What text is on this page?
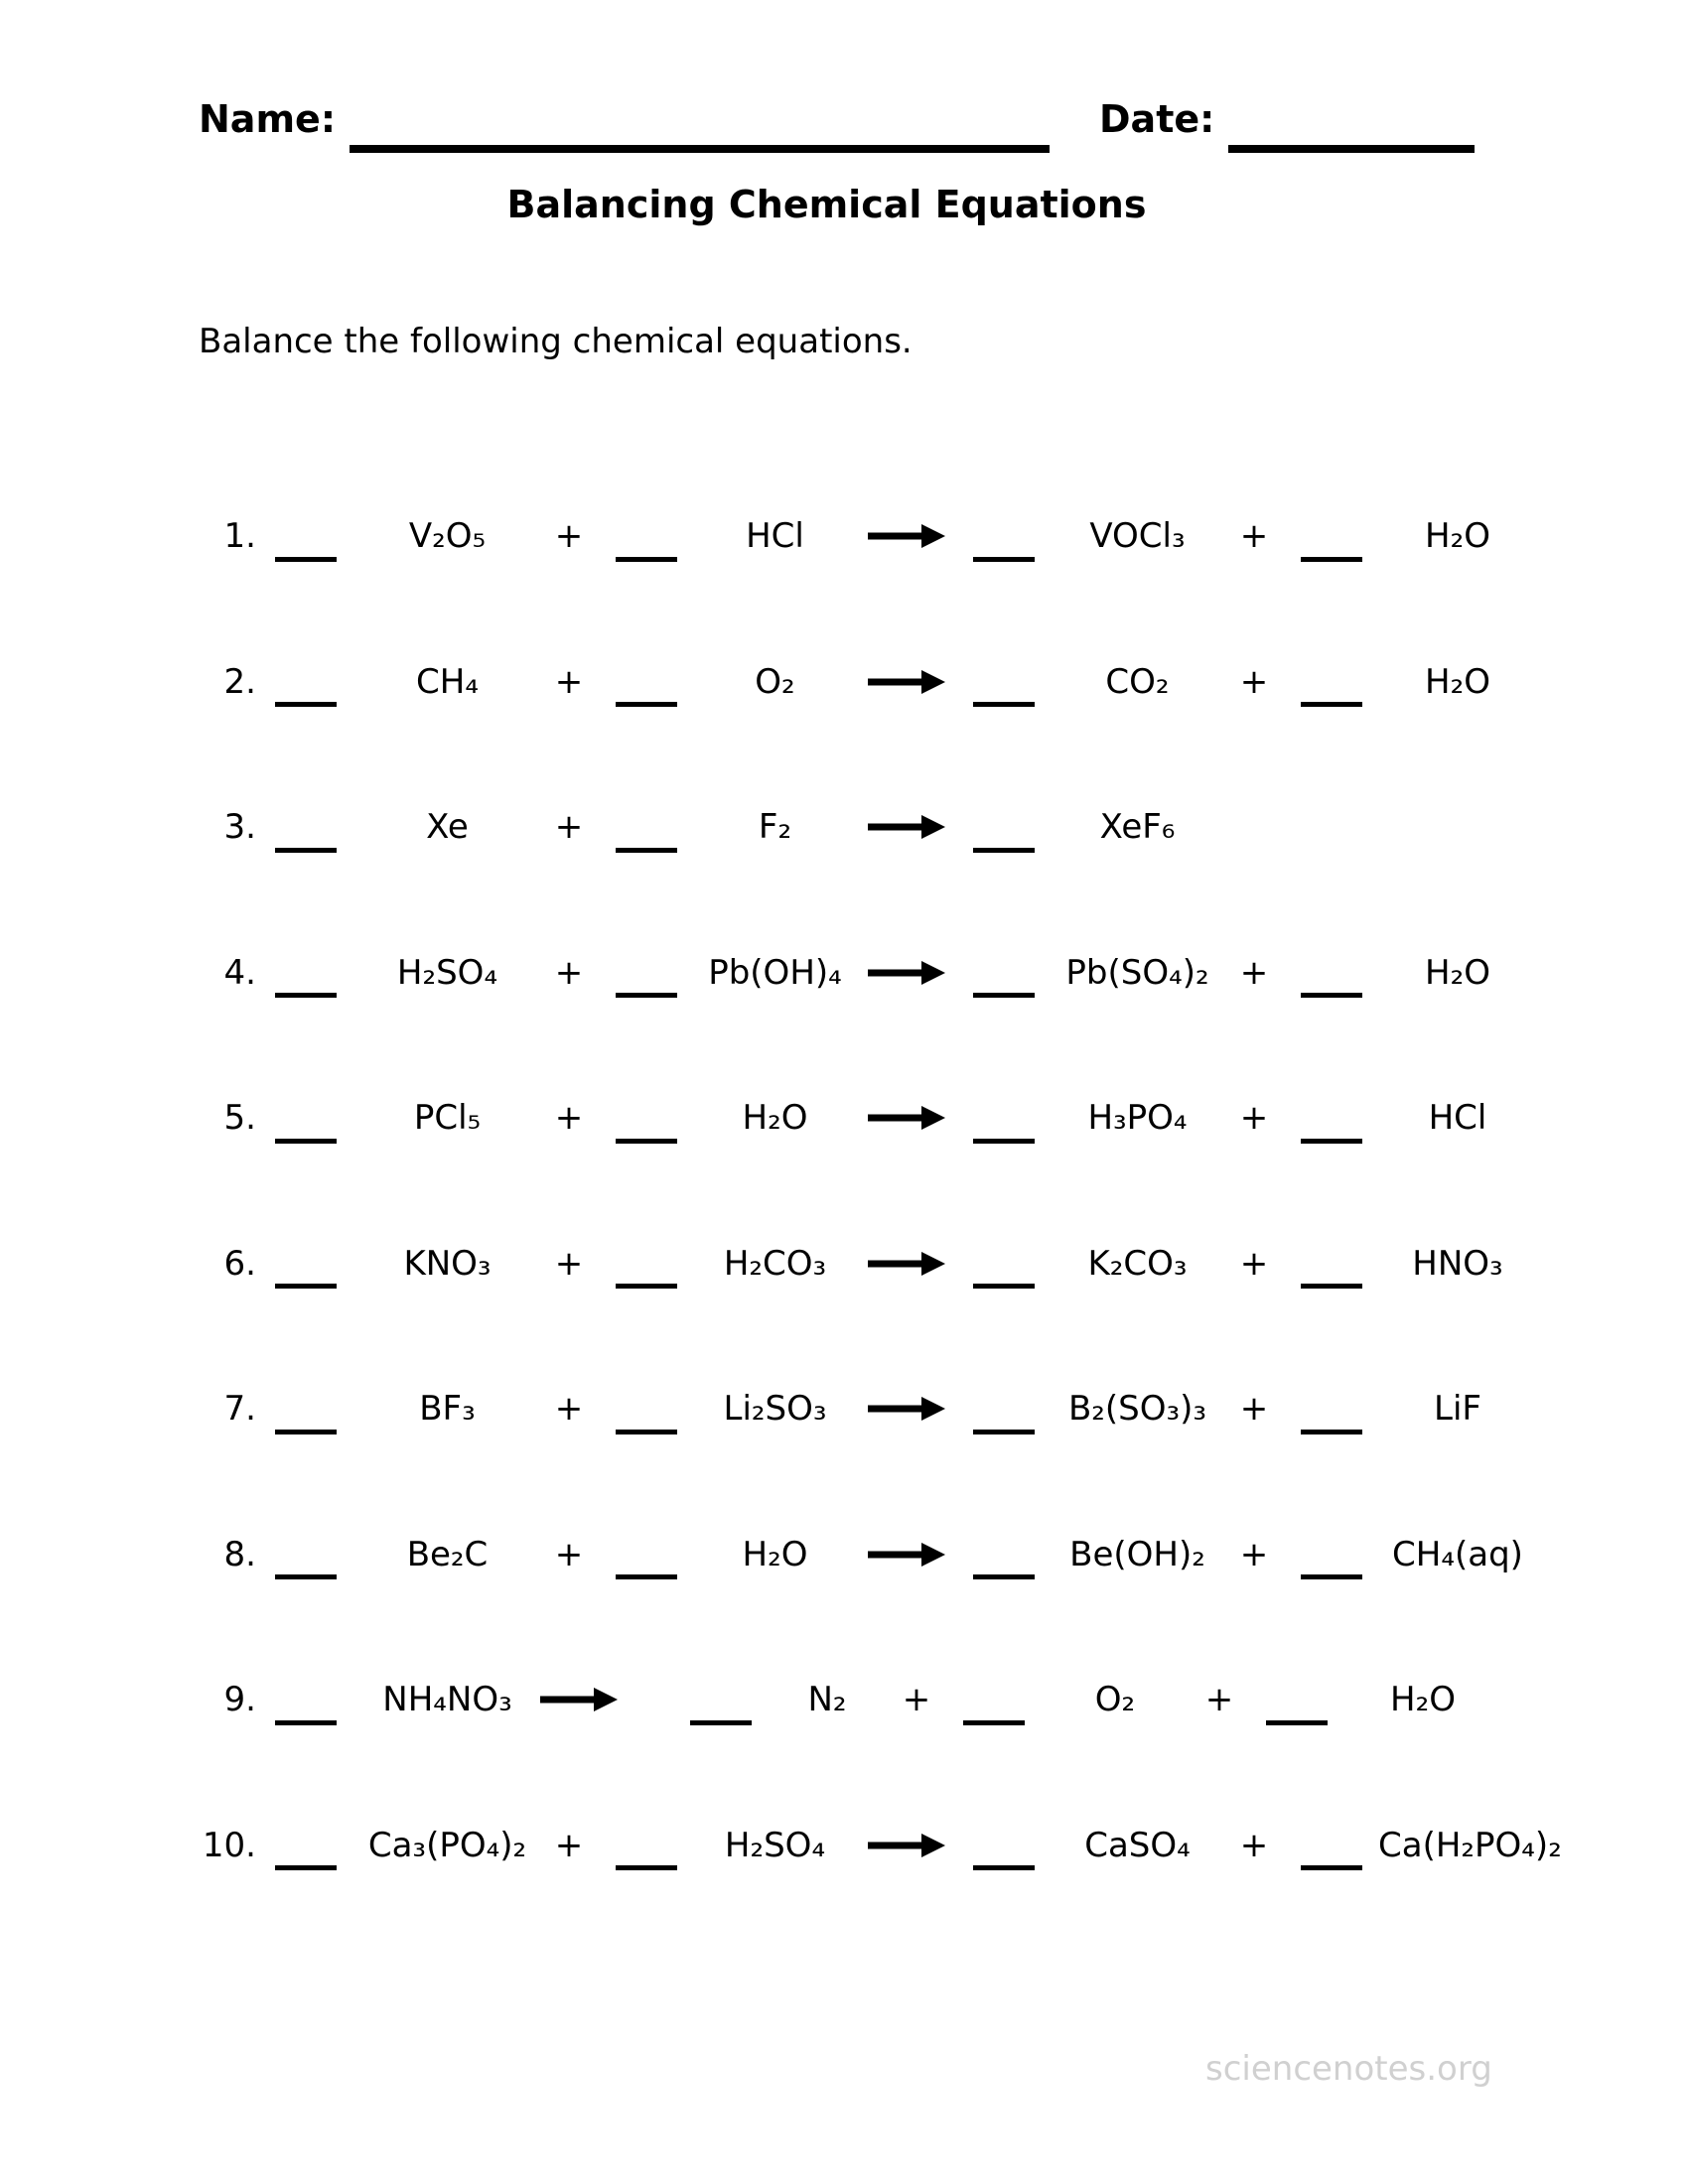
Name:	Date:
Balancing Chemical Equations
Balance the following chemical equations.
1.	V₂O₅	+	HCl	VOCl₃	+	H₂O
2.	CH₄	+	O₂	CO₂	+	H₂O
3.	Xe	+	F₂	XeF₆
4.	H₂SO₄	+	Pb(OH)₄ →	Pb(SO₄)₂ +	H₂O
5.	PCl₅	+	H₂O	→	H₃PO₄	+	HCl
6.	KNO₃	+	H₂CO₃ →	K₂CO₃	+	HNO₃
7.	BF₃	+	Li₂SO₃ →	B₂(SO₃)₃ +	LiF
8.	Be₂C	+	H₂O	→	Be(OH)₂	+	CH₄(aq)
9.	NH₄NO₃ →	N₂	+	O₂	+	H₂O
10.	Ca₃(PO₄)₂ +	H₂SO₄ →	CaSO₄	+	Ca(H₂PO₄)₂
sciencenotes.org
